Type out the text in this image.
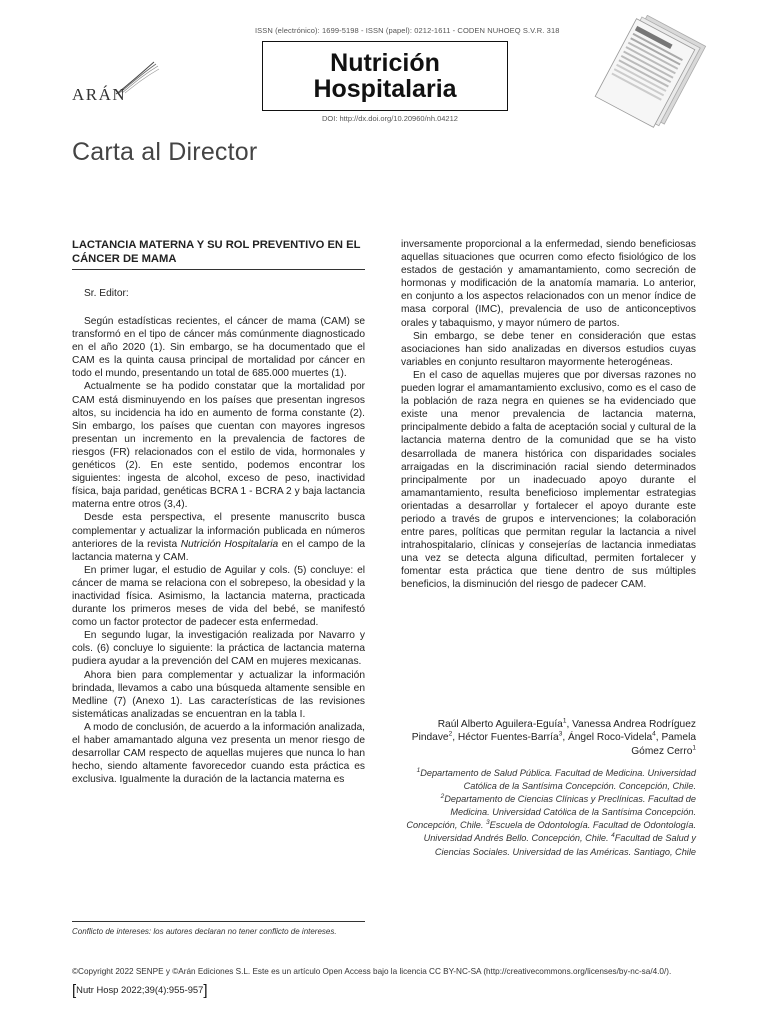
ISSN (electrónico): 1699-5198 - ISSN (papel): 0212-1611 - CODEN NUHOEQ S.V.R. 318
Nutrición
Hospitalaria
DOI: http://dx.doi.org/10.20960/nh.04212
ARÁN
Carta al Director
LACTANCIA MATERNA Y SU ROL PREVENTIVO EN EL CÁNCER DE MAMA

Sr. Editor:

Según estadísticas recientes, el cáncer de mama (CAM) se transformó en el tipo de cáncer más comúnmente diagnosticado en el año 2020 (1). Sin embargo, se ha documentado que el CAM es la quinta causa principal de mortalidad por cáncer en todo el mundo, presentando un total de 685.000 muertes (1).

Actualmente se ha podido constatar que la mortalidad por CAM está disminuyendo en los países que presentan ingresos altos, su incidencia ha ido en aumento de forma constante (2). Sin embargo, los países que cuentan con mayores ingresos presentan un incremento en la prevalencia de factores de riesgos (FR) relacionados con el estilo de vida, hormonales y genéticos (2). En este sentido, podemos encontrar los siguientes: ingesta de alcohol, exceso de peso, inactividad física, baja paridad, genéticas BCRA 1 - BCRA 2 y baja lactancia materna entre otros (3,4).

Desde esta perspectiva, el presente manuscrito busca complementar y actualizar la información publicada en números anteriores de la revista Nutrición Hospitalaria en el campo de la lactancia materna y CAM.

En primer lugar, el estudio de Aguilar y cols. (5) concluye: el cáncer de mama se relaciona con el sobrepeso, la obesidad y la inactividad física. Asimismo, la lactancia materna, practicada durante los primeros meses de vida del bebé, se manifestó como un factor protector de padecer esta enfermedad.

En segundo lugar, la investigación realizada por Navarro y cols. (6) concluye lo siguiente: la práctica de lactancia materna pudiera ayudar a la prevención del CAM en mujeres mexicanas.

Ahora bien para complementar y actualizar la información brindada, llevamos a cabo una búsqueda altamente sensible en Medline (7) (Anexo 1). Las características de las revisiones sistemáticas analizadas se encuentran en la tabla I.

A modo de conclusión, de acuerdo a la información analizada, el haber amamantado alguna vez presenta un menor riesgo de desarrollar CAM respecto de aquellas mujeres que nunca lo han hecho, siendo altamente favorecedor cuando esta práctica es exclusiva. Igualmente la duración de la lactancia materna es

inversamente proporcional a la enfermedad, siendo beneficiosas aquellas situaciones que ocurren como efecto fisiológico de los estados de gestación y amamantamiento, como secreción de hormonas y modificación de la anatomía mamaria. Lo anterior, en conjunto a los aspectos relacionados con un menor índice de masa corporal (IMC), prevalencia de uso de anticonceptivos orales y tabaquismo, y mayor número de partos.

Sin embargo, se debe tener en consideración que estas asociaciones han sido analizadas en diversos estudios cuyas variables en conjunto resultaron mayormente heterogéneas.

En el caso de aquellas mujeres que por diversas razones no pueden lograr el amamantamiento exclusivo, como es el caso de la población de raza negra en quienes se ha evidenciado que existe una menor prevalencia de lactancia materna, principalmente debido a falta de aceptación social y cultural de la lactancia materna dentro de la comunidad que se ha visto desarrollada de manera histórica con disparidades sociales arraigadas en la discriminación racial siendo determinados principalmente por un inadecuado apoyo durante el amamantamiento, resulta beneficioso implementar estrategias orientadas a desarrollar y fortalecer el apoyo durante este periodo a través de grupos e intervenciones; la colaboración entre pares, políticas que permitan regular la lactancia a nivel intrahospitalario, clínicas y consejerías de lactancia inmediatas una vez se detecta alguna dificultad, permiten fortalecer y fomentar esta práctica que tiene dentro de sus múltiples beneficios, la disminución del riesgo de padecer CAM.

Raúl Alberto Aguilera-Eguía$^1$, Vanessa Andrea Rodríguez Pindave$^2$, Héctor Fuentes-Barría$^3$, Ángel Roco-Videla$^4$, Pamela Gómez Cerro$^1$
$^1$Departamento de Salud Pública. Facultad de Medicina. Universidad Católica de la Santísima Concepción. Concepción, Chile. $^2$Departamento de Ciencias Clínicas y Preclínicas. Facultad de Medicina. Universidad Católica de la Santísima Concepción. Concepción, Chile. $^3$Escuela de Odontología. Facultad de Odontología. Universidad Andrés Bello. Concepción, Chile. $^4$Facultad de Salud y Ciencias Sociales. Universidad de las Américas. Santiago, Chile
Conflicto de intereses: los autores declaran no tener conflicto de intereses.
©Copyright 2022 SENPE y ©Arán Ediciones S.L. Este es un artículo Open Access bajo la licencia CC BY-NC-SA (http://creativecommons.org/licenses/by-nc-sa/4.0/).
[Nutr Hosp 2022;39(4):955-957]
